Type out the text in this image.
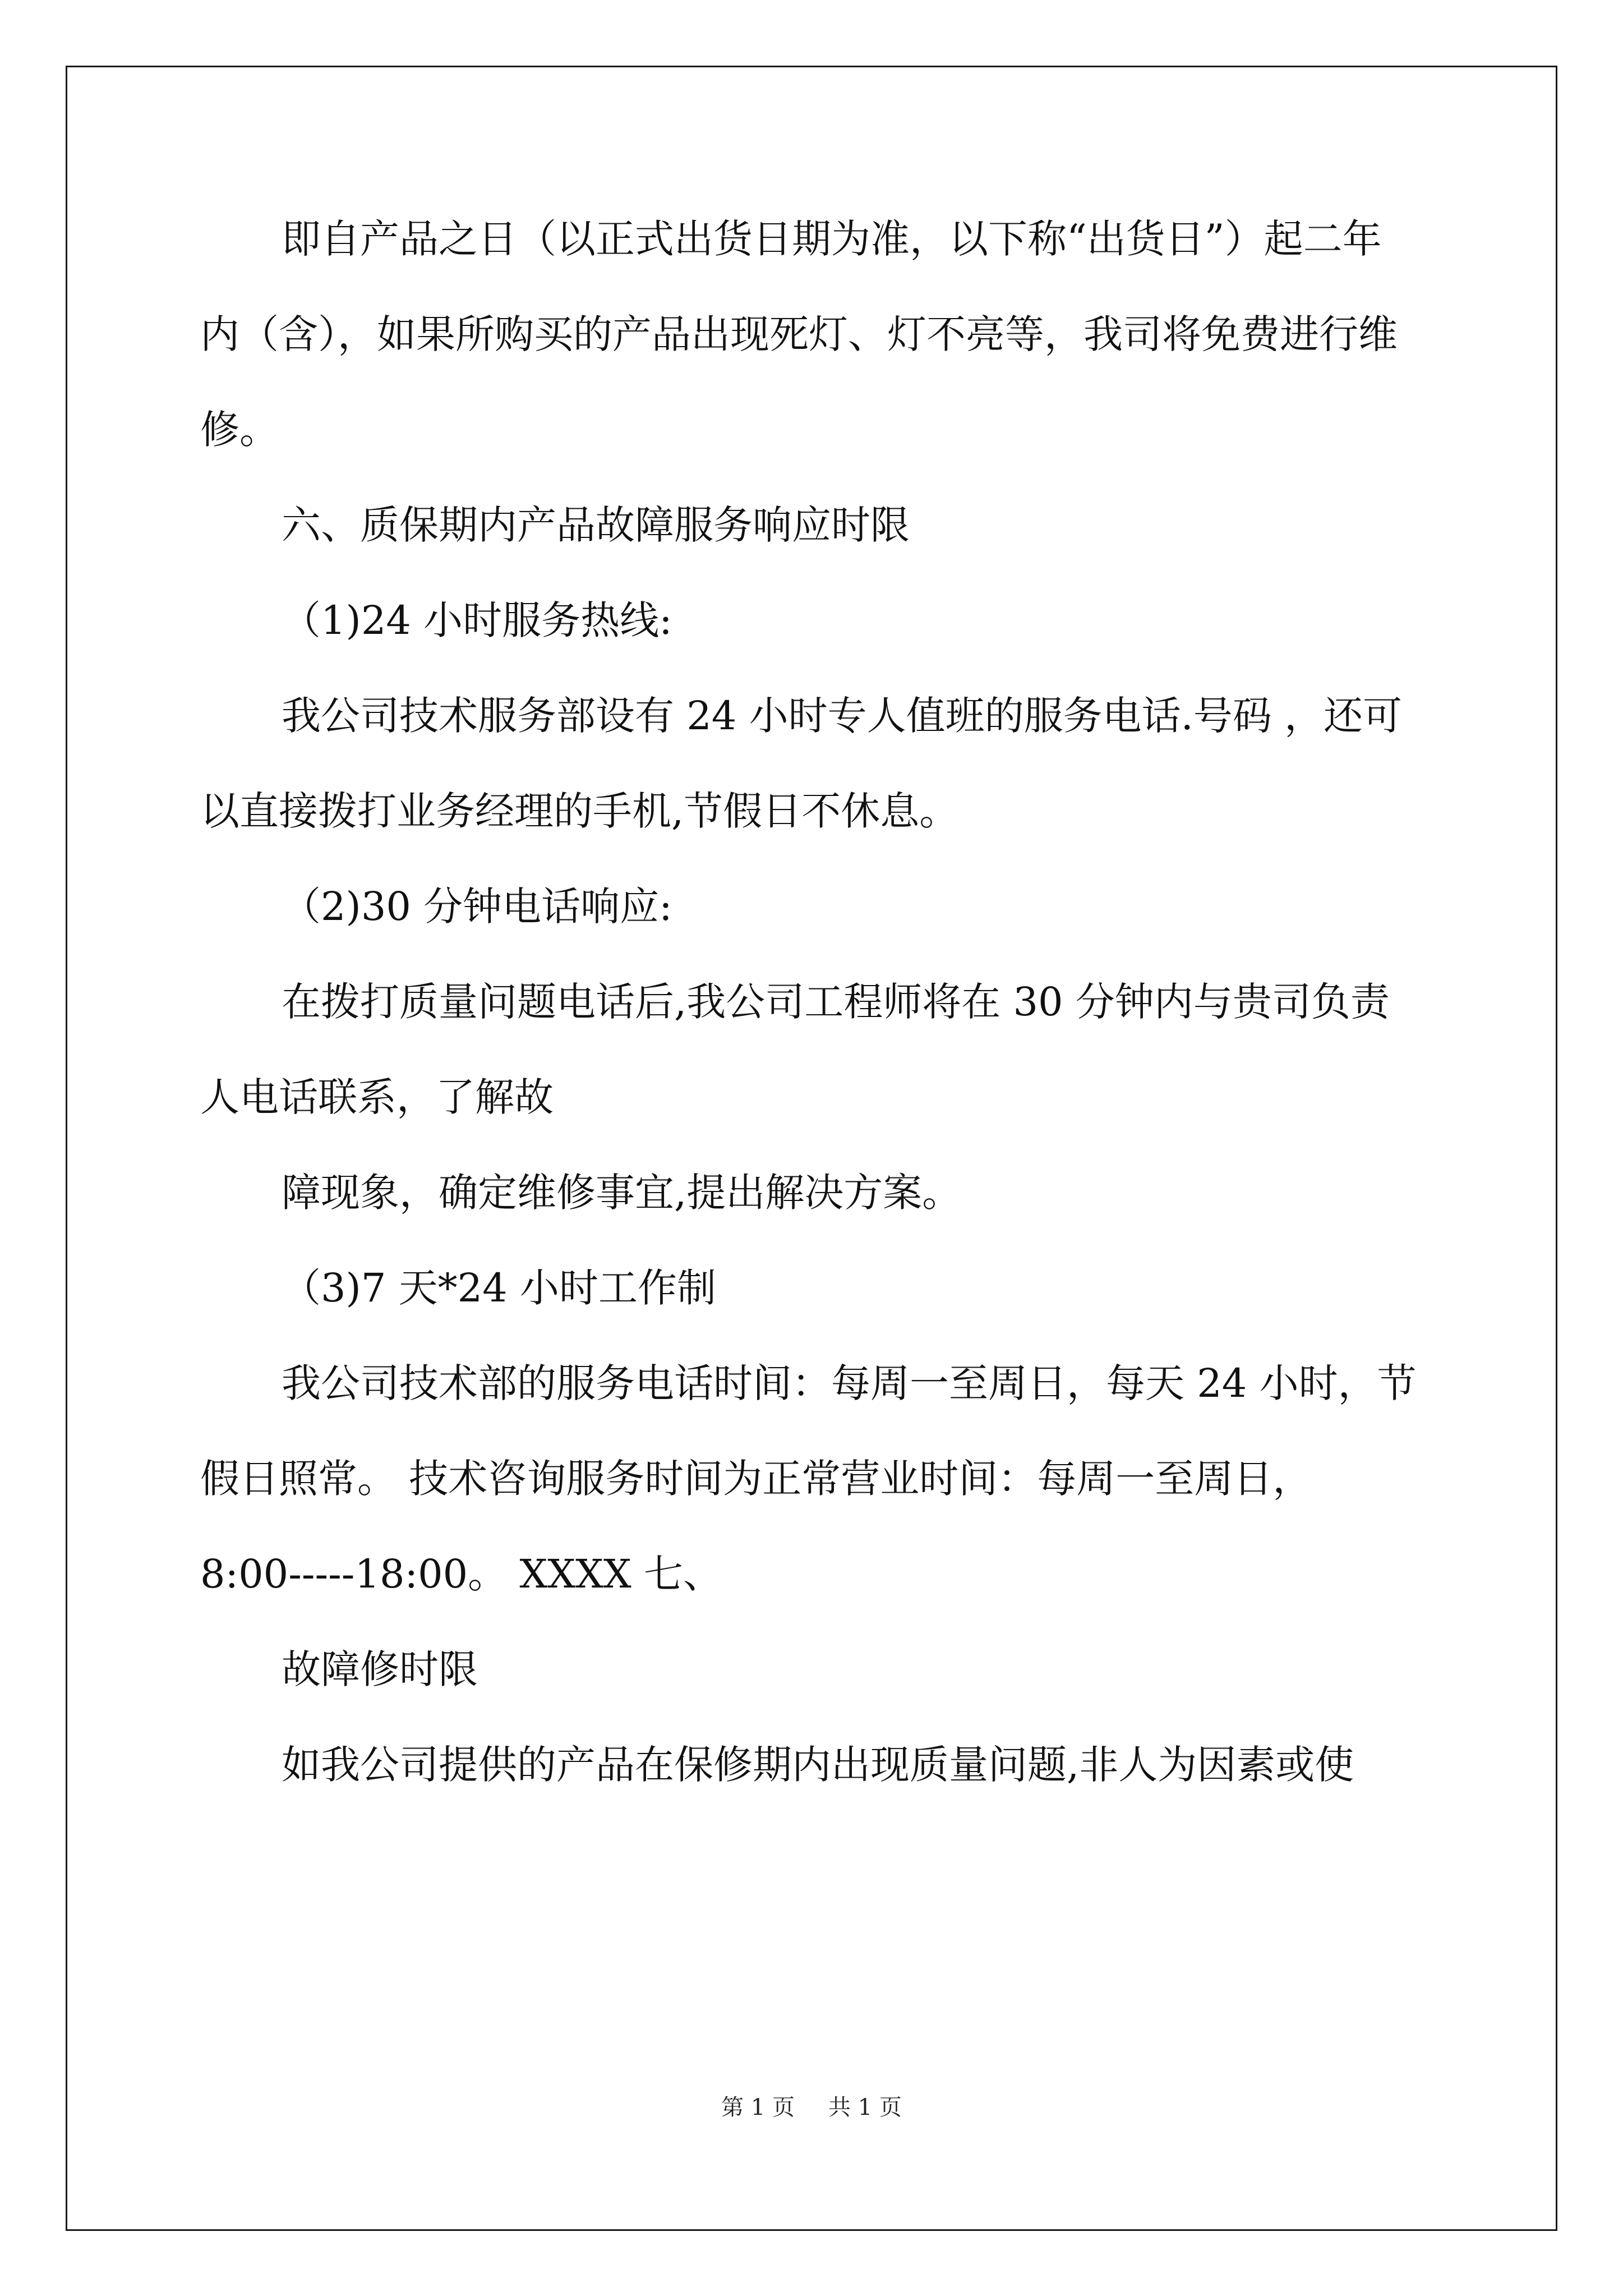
即自产品之日（以正式出货日期为准，以下称“出货日”）起二年
内（含），如果所购买的产品出现死灯、灯不亮等，我司将免费进行维
修。
六、质保期内产品故障服务响应时限
（1)24 小时服务热线:
我公司技术服务部设有 24 小时专人值班的服务电话.号码 ，还可
以直接拨打业务经理的手机,节假日不休息。
（2)30 分钟电话响应:
在拨打质量问题电话后,我公司工程师将在 30 分钟内与贵司负责
人电话联系，了解故
障现象，确定维修事宜,提出解决方案。
（3)7 天*24 小时工作制
我公司技术部的服务电话时间：每周一至周日，每天 24 小时，节
假日照常。 技术咨询服务时间为正常营业时间：每周一至周日，
8:00-----18:00。 XXXX 七、
故障修时限
如我公司提供的产品在保修期内出现质量问题,非人为因素或使
第 1 页 共 1 页
